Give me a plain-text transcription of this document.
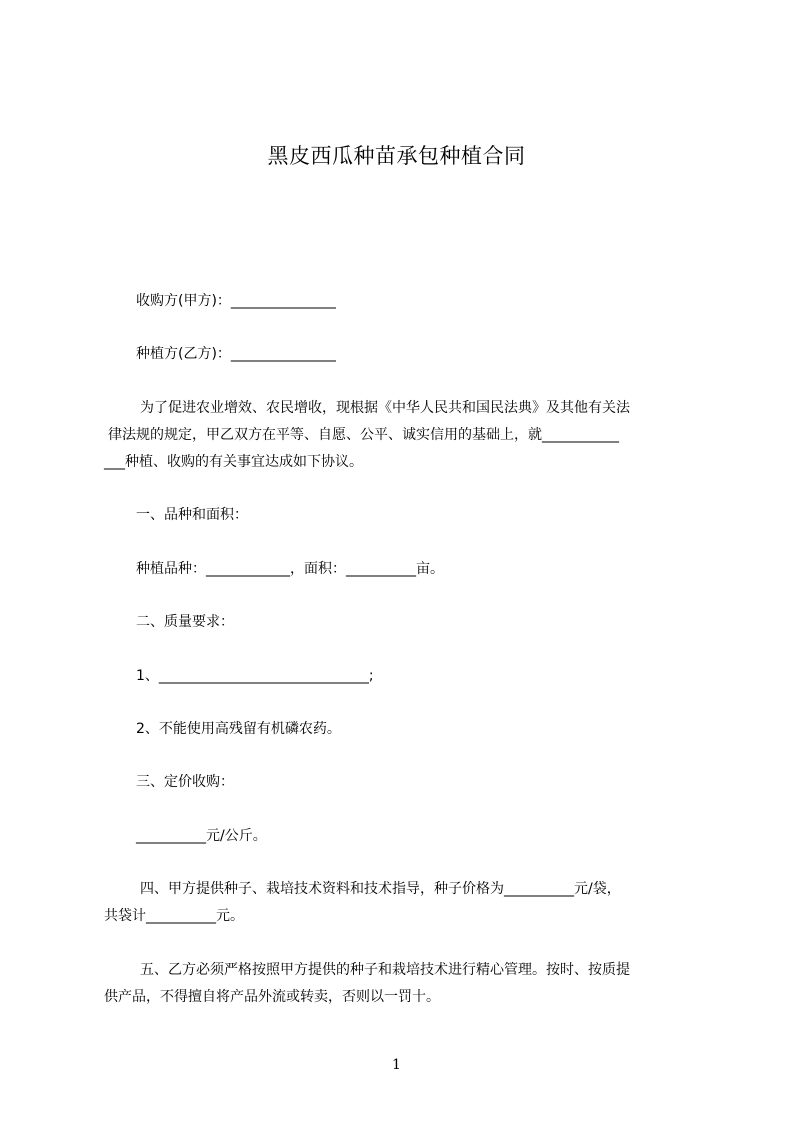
黑皮西瓜种苗承包种植合同
收购方(甲方)：_______________
种植方(乙方)：_______________
为了促进农业增效、农民增收，现根据《中华人民共和国民法典》及其他有关法
律法规的规定，甲乙双方在平等、自愿、公平、诚实信用的基础上，就___________
___种植、收购的有关事宜达成如下协议。
一、品种和面积：
种植品种：____________，面积：__________亩。
二、质量要求：
1、______________________________;
2、不能使用高残留有机磷农药。
三、定价收购：
__________元/公斤。
四、甲方提供种子、栽培技术资料和技术指导，种子价格为__________元/袋，
共袋计__________元。
五、乙方必须严格按照甲方提供的种子和栽培技术进行精心管理。按时、按质提
供产品，不得擅自将产品外流或转卖，否则以一罚十。
1
